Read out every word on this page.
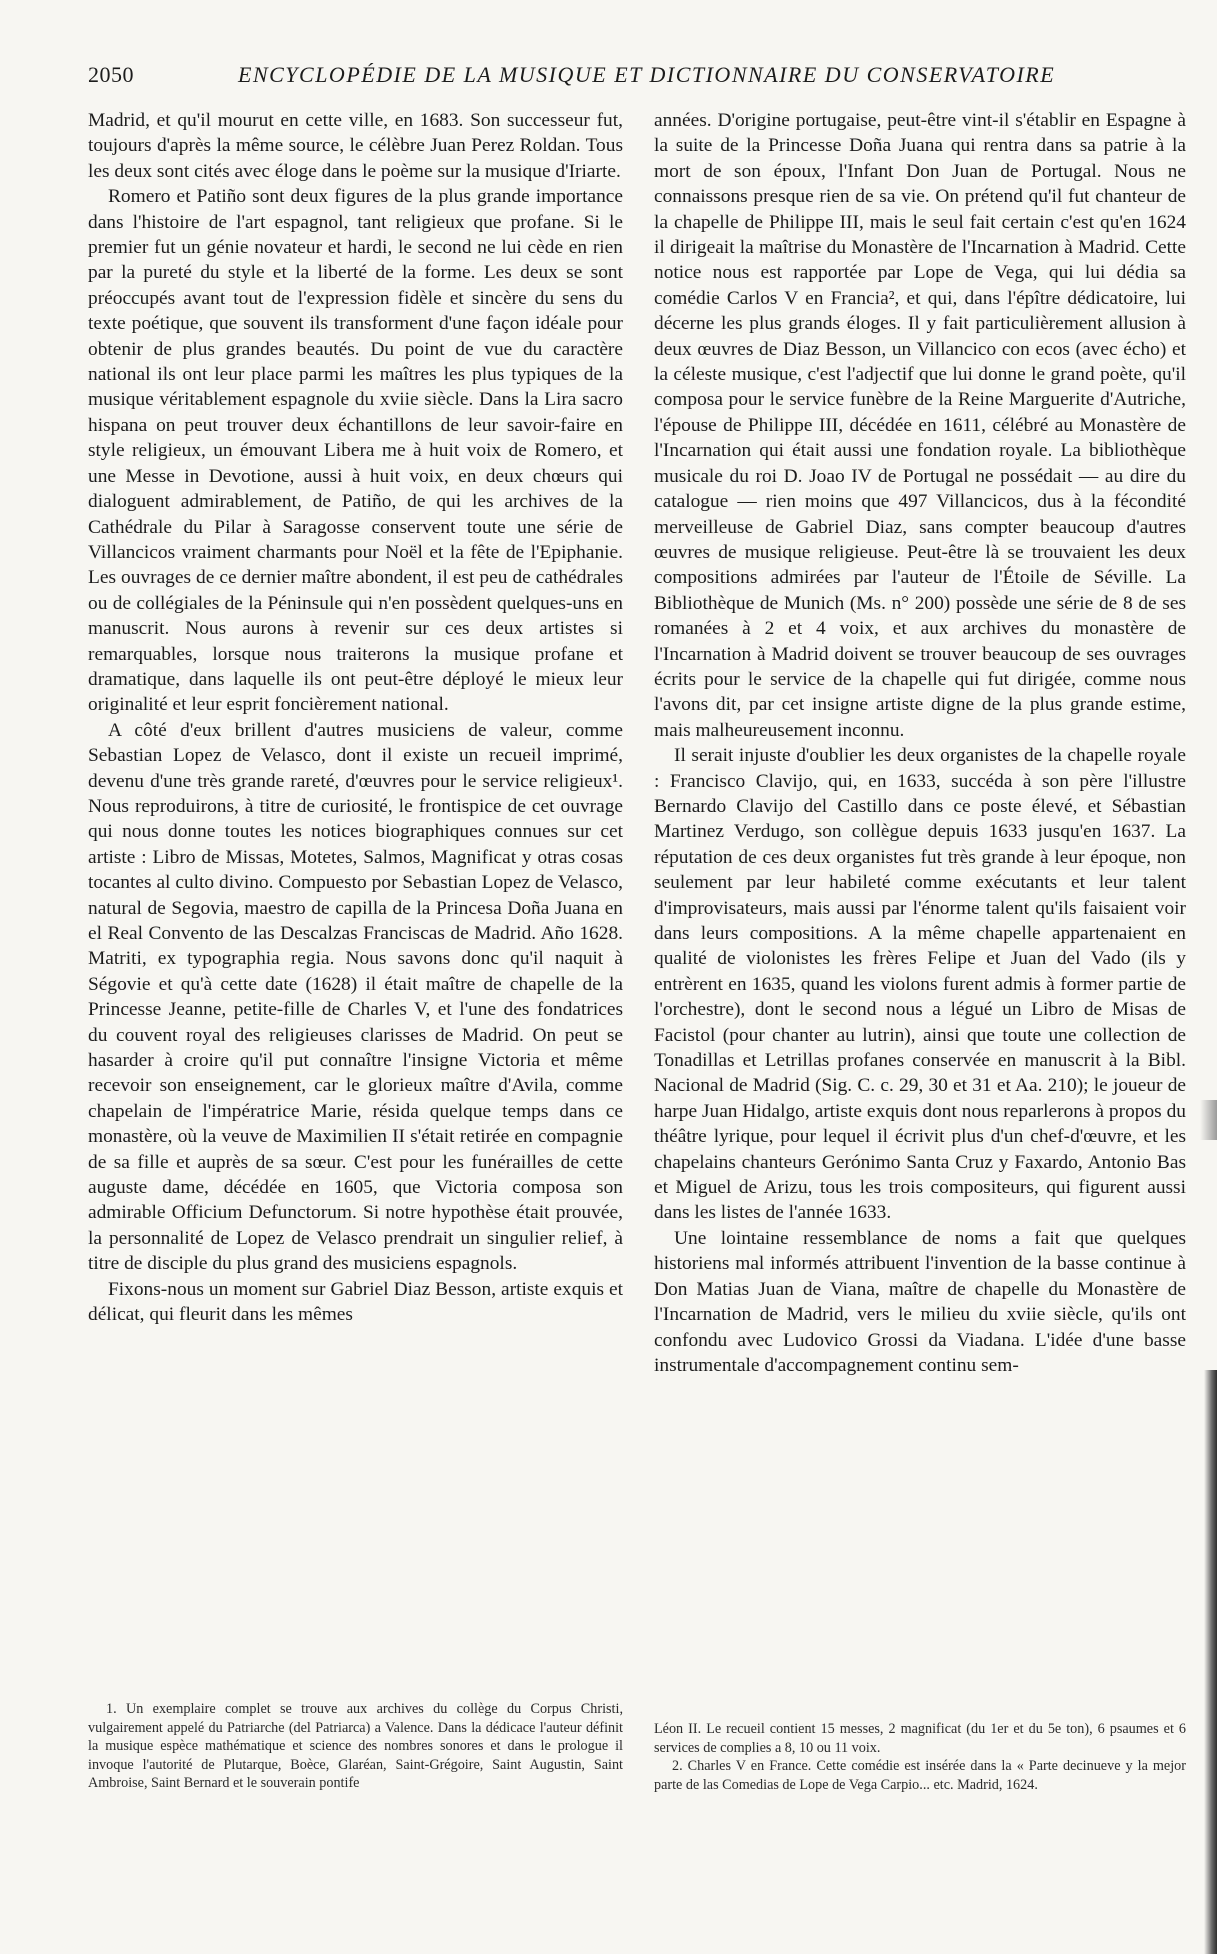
2050	ENCYCLOPÉDIE DE LA MUSIQUE ET DICTIONNAIRE DU CONSERVATOIRE

Madrid, et qu'il mourut en cette ville, en 1683. Son successeur fut, toujours d'après la même source, le célèbre Juan Perez Roldan. Tous les deux sont cités avec éloge dans le poème sur la musique d'Iriarte.

Romero et Patiño sont deux figures de la plus grande importance dans l'histoire de l'art espagnol, tant religieux que profane. Si le premier fut un génie novateur et hardi, le second ne lui cède en rien par la pureté du style et la liberté de la forme. Les deux se sont préoccupés avant tout de l'expression fidèle et sincère du sens du texte poétique, que souvent ils transforment d'une façon idéale pour obtenir de plus grandes beautés. Du point de vue du caractère national ils ont leur place parmi les maîtres les plus typiques de la musique véritablement espagnole du xviie siècle. Dans la Lira sacro hispana on peut trouver deux échantillons de leur savoir-faire en style religieux, un émouvant Libera me à huit voix de Romero, et une Messe in Devotione, aussi à huit voix, en deux chœurs qui dialoguent admirablement, de Patiño, de qui les archives de la Cathédrale du Pilar à Saragosse conservent toute une série de Villancicos vraiment charmants pour Noël et la fête de l'Epiphanie. Les ouvrages de ce dernier maître abondent, il est peu de cathédrales ou de collégiales de la Péninsule qui n'en possèdent quelques-uns en manuscrit. Nous aurons à revenir sur ces deux artistes si remarquables, lorsque nous traiterons la musique profane et dramatique, dans laquelle ils ont peut-être déployé le mieux leur originalité et leur esprit foncièrement national.

A côté d'eux brillent d'autres musiciens de valeur, comme Sebastian Lopez de Velasco, dont il existe un recueil imprimé, devenu d'une très grande rareté, d'œuvres pour le service religieux¹. Nous reproduirons, à titre de curiosité, le frontispice de cet ouvrage qui nous donne toutes les notices biographiques connues sur cet artiste : Libro de Missas, Motetes, Salmos, Magnificat y otras cosas tocantes al culto divino. Compuesto por Sebastian Lopez de Velasco, natural de Segovia, maestro de capilla de la Princesa Doña Juana en el Real Convento de las Descalzas Franciscas de Madrid. Año 1628. Matriti, ex typographia regia. Nous savons donc qu'il naquit à Ségovie et qu'à cette date (1628) il était maître de chapelle de la Princesse Jeanne, petite-fille de Charles V, et l'une des fondatrices du couvent royal des religieuses clarisses de Madrid. On peut se hasarder à croire qu'il put connaître l'insigne Victoria et même recevoir son enseignement, car le glorieux maître d'Avila, comme chapelain de l'impératrice Marie, résida quelque temps dans ce monastère, où la veuve de Maximilien II s'était retirée en compagnie de sa fille et auprès de sa sœur. C'est pour les funérailles de cette auguste dame, décédée en 1605, que Victoria composa son admirable Officium Defunctorum. Si notre hypothèse était prouvée, la personnalité de Lopez de Velasco prendrait un singulier relief, à titre de disciple du plus grand des musiciens espagnols.

Fixons-nous un moment sur Gabriel Diaz Besson, artiste exquis et délicat, qui fleurit dans les mêmes

années. D'origine portugaise, peut-être vint-il s'établir en Espagne à la suite de la Princesse Doña Juana qui rentra dans sa patrie à la mort de son époux, l'Infant Don Juan de Portugal. Nous ne connaissons presque rien de sa vie. On prétend qu'il fut chanteur de la chapelle de Philippe III, mais le seul fait certain c'est qu'en 1624 il dirigeait la maîtrise du Monastère de l'Incarnation à Madrid. Cette notice nous est rapportée par Lope de Vega, qui lui dédia sa comédie Carlos V en Francia², et qui, dans l'épître dédicatoire, lui décerne les plus grands éloges. Il y fait particulièrement allusion à deux œuvres de Diaz Besson, un Villancico con ecos (avec écho) et la céleste musique, c'est l'adjectif que lui donne le grand poète, qu'il composa pour le service funèbre de la Reine Marguerite d'Autriche, l'épouse de Philippe III, décédée en 1611, célébré au Monastère de l'Incarnation qui était aussi une fondation royale. La bibliothèque musicale du roi D. Joao IV de Portugal ne possédait — au dire du catalogue — rien moins que 497 Villancicos, dus à la fécondité merveilleuse de Gabriel Diaz, sans compter beaucoup d'autres œuvres de musique religieuse. Peut-être là se trouvaient les deux compositions admirées par l'auteur de l'Étoile de Séville. La Bibliothèque de Munich (Ms. n° 200) possède une série de 8 de ses romanées à 2 et 4 voix, et aux archives du monastère de l'Incarnation à Madrid doivent se trouver beaucoup de ses ouvrages écrits pour le service de la chapelle qui fut dirigée, comme nous l'avons dit, par cet insigne artiste digne de la plus grande estime, mais malheureusement inconnu.

Il serait injuste d'oublier les deux organistes de la chapelle royale : Francisco Clavijo, qui, en 1633, succéda à son père l'illustre Bernardo Clavijo del Castillo dans ce poste élevé, et Sébastian Martinez Verdugo, son collègue depuis 1633 jusqu'en 1637. La réputation de ces deux organistes fut très grande à leur époque, non seulement par leur habileté comme exécutants et leur talent d'improvisateurs, mais aussi par l'énorme talent qu'ils faisaient voir dans leurs compositions. A la même chapelle appartenaient en qualité de violonistes les frères Felipe et Juan del Vado (ils y entrèrent en 1635, quand les violons furent admis à former partie de l'orchestre), dont le second nous a légué un Libro de Misas de Facistol (pour chanter au lutrin), ainsi que toute une collection de Tonadillas et Letrillas profanes conservée en manuscrit à la Bibl. Nacional de Madrid (Sig. C. c. 29, 30 et 31 et Aa. 210); le joueur de harpe Juan Hidalgo, artiste exquis dont nous reparlerons à propos du théâtre lyrique, pour lequel il écrivit plus d'un chef-d'œuvre, et les chapelains chanteurs Gerónimo Santa Cruz y Faxardo, Antonio Bas et Miguel de Arizu, tous les trois compositeurs, qui figurent aussi dans les listes de l'année 1633.

Une lointaine ressemblance de noms a fait que quelques historiens mal informés attribuent l'invention de la basse continue à Don Matias Juan de Viana, maître de chapelle du Monastère de l'Incarnation de Madrid, vers le milieu du xviie siècle, qu'ils ont confondu avec Ludovico Grossi da Viadana. L'idée d'une basse instrumentale d'accompagnement continu sem-

1. Un exemplaire complet se trouve aux archives du collège du Corpus Christi, vulgairement appelé du Patriarche (del Patriarca) a Valence. Dans la dédicace l'auteur définit la musique espèce mathématique et science des nombres sonores et dans le prologue il invoque l'autorité de Plutarque, Boèce, Glaréan, Saint-Grégoire, Saint Augustin, Saint Ambroise, Saint Bernard et le souverain pontife

Léon II. Le recueil contient 15 messes, 2 magnificat (du 1er et du 5e ton), 6 psaumes et 6 services de complies a 8, 10 ou 11 voix.

2. Charles V en France. Cette comédie est insérée dans la « Parte decinueve y la mejor parte de las Comedias de Lope de Vega Carpio... etc. Madrid, 1624.
